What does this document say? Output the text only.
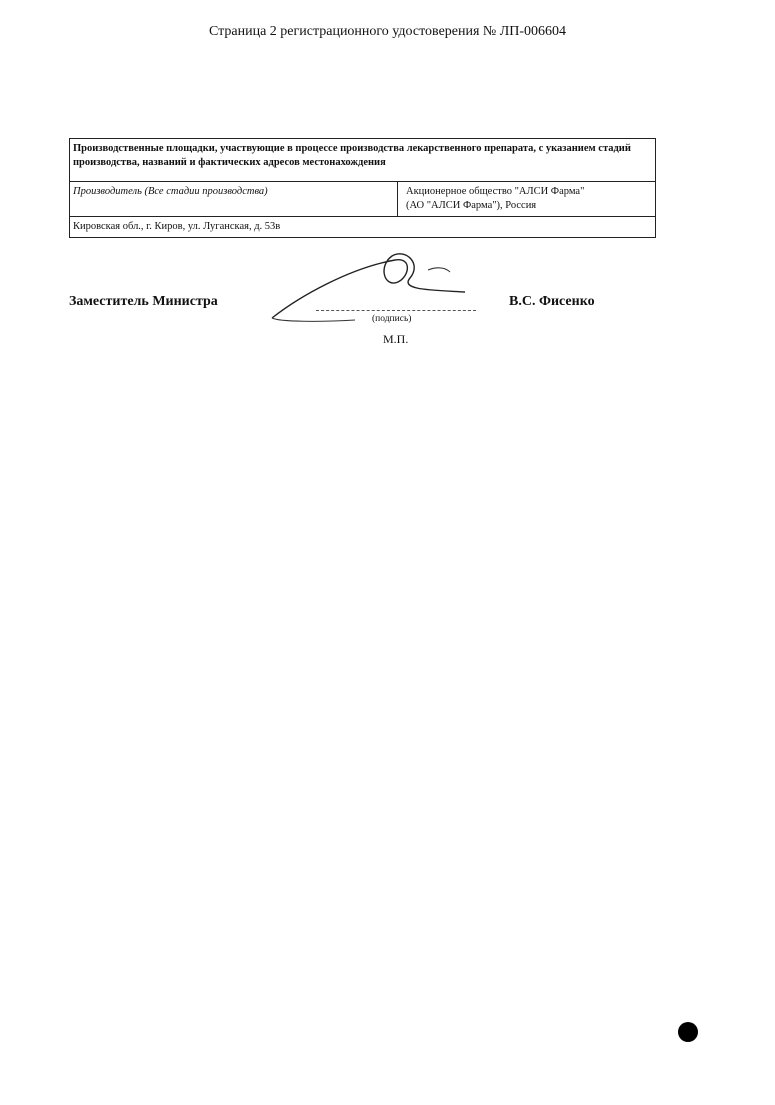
Страница 2 регистрационного удостоверения № ЛП-006604
Производственные площадки, участвующие в процессе производства лекарственного препарата, с указанием стадий производства, названий и фактических адресов местонахождения
Производитель (Все стадии производства)	Акционерное общество "АЛСИ Фарма"
(АО "АЛСИ Фарма"), Россия

Кировская обл., г. Киров, ул. Луганская, д. 53в
Заместитель Министра
(подпись)
В.С. Фисенко
М.П.
